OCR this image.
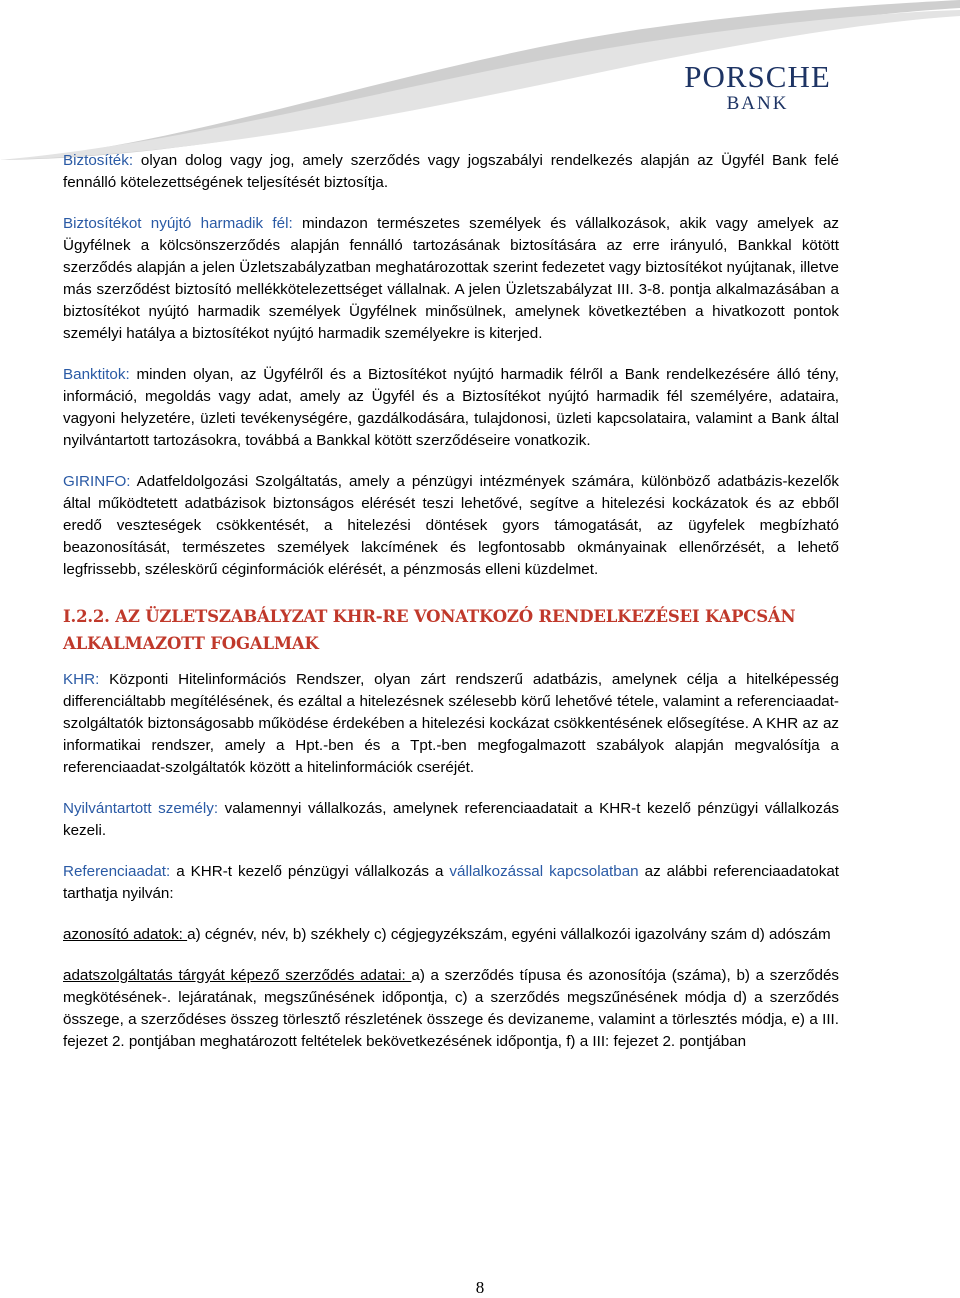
PORSCHE
BANK

Biztosíték: olyan dolog vagy jog, amely szerződés vagy jogszabályi rendelkezés alapján az Ügyfél Bank felé fennálló kötelezettségének teljesítését biztosítja.

Biztosítékot nyújtó harmadik fél: mindazon természetes személyek és vállalkozások, akik vagy amelyek az Ügyfélnek a kölcsönszerződés alapján fennálló tartozásának biztosítására az erre irányuló, Bankkal kötött szerződés alapján a jelen Üzletszabályzatban meghatározottak szerint fedezetet vagy biztosítékot nyújtanak, illetve más szerződést biztosító mellékkötelezettséget vállalnak. A jelen Üzletszabályzat III. 3-8. pontja alkalmazásában a biztosítékot nyújtó harmadik személyek Ügyfélnek minősülnek, amelynek következtében a hivatkozott pontok személyi hatálya a biztosítékot nyújtó harmadik személyekre is kiterjed.

Banktitok: minden olyan, az Ügyfélről és a Biztosítékot nyújtó harmadik félről a Bank rendelkezésére álló tény, információ, megoldás vagy adat, amely az Ügyfél és a Biztosítékot nyújtó harmadik fél személyére, adataira, vagyoni helyzetére, üzleti tevékenységére, gazdálkodására, tulajdonosi, üzleti kapcsolataira, valamint a Bank által nyilvántartott tartozásokra, továbbá a Bankkal kötött szerződéseire vonatkozik.

GIRINFO: Adatfeldolgozási Szolgáltatás, amely a pénzügyi intézmények számára, különböző adatbázis-kezelők által működtetett adatbázisok biztonságos elérését teszi lehetővé, segítve a hitelezési kockázatok és az ebből eredő veszteségek csökkentését, a hitelezési döntések gyors támogatását, az ügyfelek megbízható beazonosítását, természetes személyek lakcímének és legfontosabb okmányainak ellenőrzését, a lehető legfrissebb, széleskörű céginformációk elérését, a pénzmosás elleni küzdelmet.

I.2.2. AZ ÜZLETSZABÁLYZAT KHR-RE VONATKOZÓ RENDELKEZÉSEI KAPCSÁN ALKALMAZOTT FOGALMAK

KHR: Központi Hitelinformációs Rendszer, olyan zárt rendszerű adatbázis, amelynek célja a hitelképesség differenciáltabb megítélésének, és ezáltal a hitelezésnek szélesebb körű lehetővé tétele, valamint a referenciaadat-szolgáltatók biztonságosabb működése érdekében a hitelezési kockázat csökkentésének elősegítése. A KHR az az informatikai rendszer, amely a Hpt.-ben és a Tpt.-ben megfogalmazott szabályok alapján megvalósítja a referenciaadat-szolgáltatók között a hitelinformációk cseréjét.

Nyilvántartott személy: valamennyi vállalkozás, amelynek referenciaadatait a KHR-t kezelő pénzügyi vállalkozás kezeli.

Referenciaadat: a KHR-t kezelő pénzügyi vállalkozás a vállalkozással kapcsolatban az alábbi referenciaadatokat tarthatja nyilván:

azonosító adatok: a) cégnév, név, b) székhely c) cégjegyzékszám, egyéni vállalkozói igazolvány szám d) adószám

adatszolgáltatás tárgyát képező szerződés adatai: a) a szerződés típusa és azonosítója (száma), b) a szerződés megkötésének-. lejáratának, megszűnésének időpontja, c) a szerződés megszűnésének módja d) a szerződés összege, a szerződéses összeg törlesztő részletének összege és devizaneme, valamint a törlesztés módja, e) a III. fejezet 2. pontjában meghatározott feltételek bekövetkezésének időpontja, f) a III: fejezet 2. pontjában

8
